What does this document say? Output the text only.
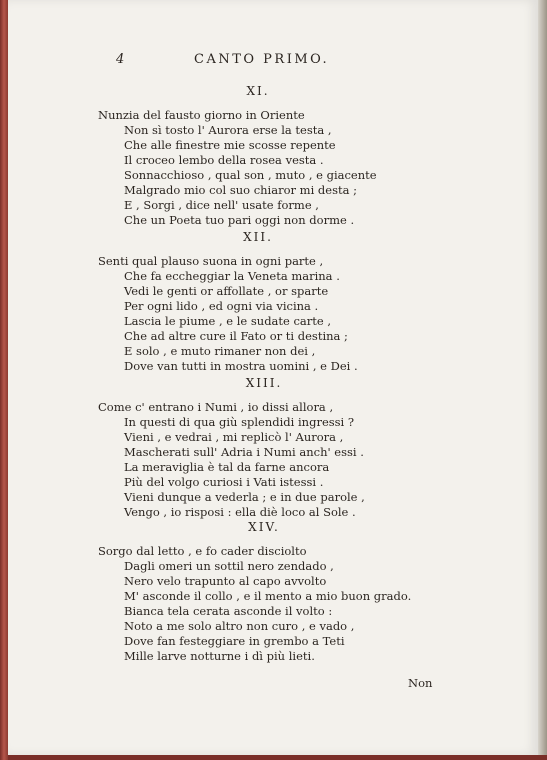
4	CANTO PRIMO.
XI.
Nunzia del fausto giorno in Oriente
Non sì tosto l' Aurora erse la testa ,
Che alle finestre mie scosse repente
Il croceo lembo della rosea vesta .
Sonnacchioso , qual son , muto , e giacente
Malgrado mio col suo chiaror mi desta ;
E , Sorgi , dice nell' usate forme ,
Che un Poeta tuo pari oggi non dorme .
XII.
Senti qual plauso suona in ogni parte ,
Che fa eccheggiar la Veneta marina .
Vedi le genti or affollate , or sparte
Per ogni lido , ed ogni via vicina .
Lascia le piume , e le sudate carte ,
Che ad altre cure il Fato or ti destina ;
E solo , e muto rimaner non dei ,
Dove van tutti in mostra uomini , e Dei .
XIII.
Come c' entrano i Numi , io dissi allora ,
In questi di qua giù splendidi ingressi ?
Vieni , e vedrai , mi replicò l' Aurora ,
Mascherati sull' Adria i Numi anch' essi .
La meraviglia è tal da farne ancora
Più del volgo curiosi i Vati istessi .
Vieni dunque a vederla ; e in due parole ,
Vengo , io risposi : ella diè loco al Sole .
XIV.
Sorgo dal letto , e fo cader disciolto
Dagli omeri un sottil nero zendado ,
Nero velo trapunto al capo avvolto
M' asconde il collo , e il mento a mio buon grado.
Bianca tela cerata asconde il volto :
Noto a me solo altro non curo , e vado ,
Dove fan festeggiare in grembo a Teti
Mille larve notturne i dì più lieti.
Non
